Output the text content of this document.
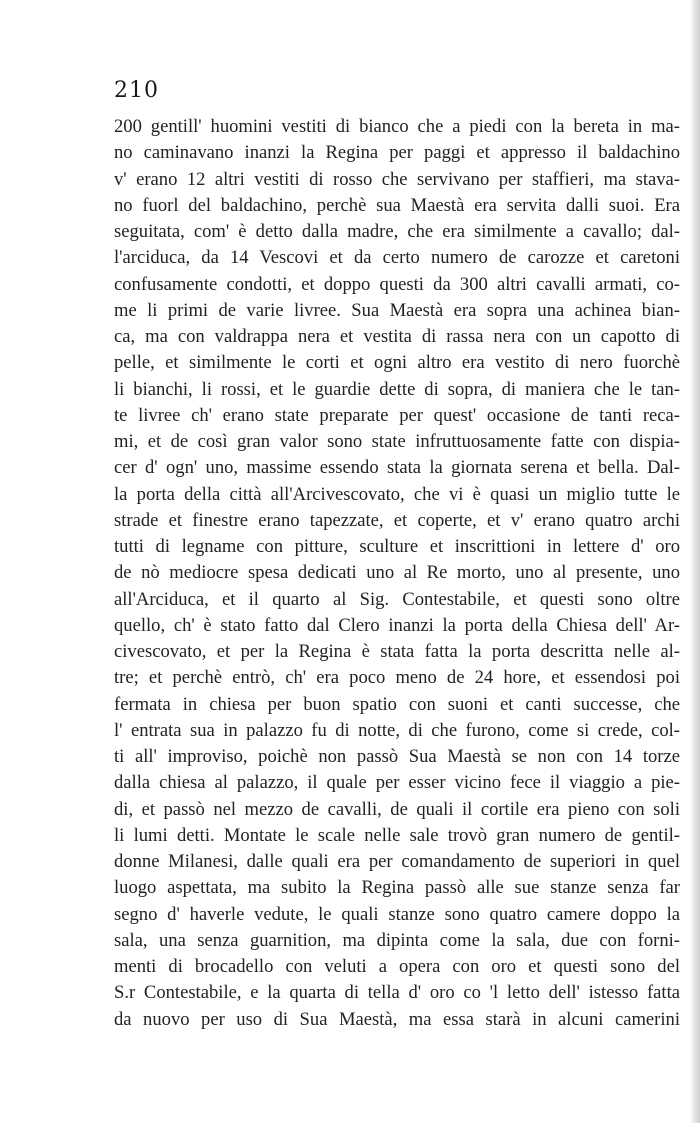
210
200 gentill' huomini vestiti di bianco che a piedi con la bereta in ma-
no caminavano inanzi la Regina per paggi et appresso il baldachino
v' erano 12 altri vestiti di rosso che servivano per staffieri, ma stava-
no fuorl del baldachino, perchè sua Maestà era servita dalli suoi. Era
seguitata, com' è detto dalla madre, che era similmente a cavallo; dal-
l'arciduca, da 14 Vescovi et da certo numero de carozze et caretoni
confusamente condotti, et doppo questi da 300 altri cavalli armati, co-
me li primi de varie livree. Sua Maestà era sopra una achinea bian-
ca, ma con valdrappa nera et vestita di rassa nera con un capotto di
pelle, et similmente le corti et ogni altro era vestito di nero fuorchè
li bianchi, li rossi, et le guardie dette di sopra, di maniera che le tan-
te livree ch' erano state preparate per quest' occasione de tanti reca-
mi, et de così gran valor sono state infruttuosamente fatte con dispia-
cer d' ogn' uno, massime essendo stata la giornata serena et bella. Dal-
la porta della città all'Arcivescovato, che vi è quasi un miglio tutte le
strade et finestre erano tapezzate, et coperte, et v' erano quatro archi
tutti di legname con pitture, sculture et inscrittioni in lettere d' oro
de nò mediocre spesa dedicati uno al Re morto, uno al presente, uno
all'Arciduca, et il quarto al Sig. Contestabile, et questi sono oltre
quello, ch' è stato fatto dal Clero inanzi la porta della Chiesa dell' Ar-
civescovato, et per la Regina è stata fatta la porta descritta nelle al-
tre; et perchè entrò, ch' era poco meno de 24 hore, et essendosi poi
fermata in chiesa per buon spatio con suoni et canti successe, che
l' entrata sua in palazzo fu di notte, di che furono, come si crede, col-
ti all' improviso, poichè non passò Sua Maestà se non con 14 torze
dalla chiesa al palazzo, il quale per esser vicino fece il viaggio a pie-
di, et passò nel mezzo de cavalli, de quali il cortile era pieno con soli
li lumi detti. Montate le scale nelle sale trovò gran numero de gentil-
donne Milanesi, dalle quali era per comandamento de superiori in quel
luogo aspettata, ma subito la Regina passò alle sue stanze senza far
segno d' haverle vedute, le quali stanze sono quatro camere doppo la
sala, una senza guarnition, ma dipinta come la sala, due con forni-
menti di brocadello con veluti a opera con oro et questi sono del
S.r Contestabile, e la quarta di tella d' oro co 'l letto dell' istesso fatta
da nuovo per uso di Sua Maestà, ma essa starà in alcuni camerini
